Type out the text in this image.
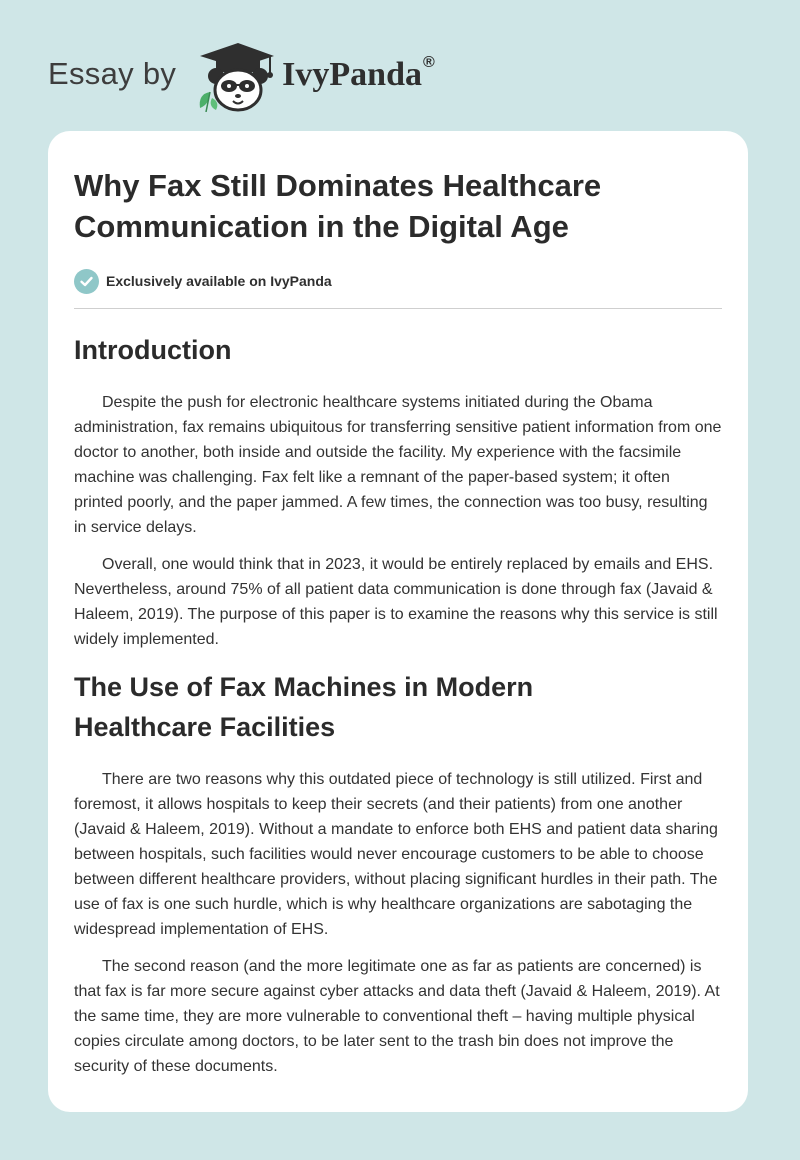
Essay by	IvyPanda®
Why Fax Still Dominates Healthcare Communication in the Digital Age
Exclusively available on IvyPanda
Introduction

Despite the push for electronic healthcare systems initiated during the Obama administration, fax remains ubiquitous for transferring sensitive patient information from one doctor to another, both inside and outside the facility. My experience with the facsimile machine was challenging. Fax felt like a remnant of the paper-based system; it often printed poorly, and the paper jammed. A few times, the connection was too busy, resulting in service delays.

Overall, one would think that in 2023, it would be entirely replaced by emails and EHS. Nevertheless, around 75% of all patient data communication is done through fax (Javaid & Haleem, 2019). The purpose of this paper is to examine the reasons why this service is still widely implemented.

The Use of Fax Machines in Modern Healthcare Facilities

There are two reasons why this outdated piece of technology is still utilized. First and foremost, it allows hospitals to keep their secrets (and their patients) from one another (Javaid & Haleem, 2019). Without a mandate to enforce both EHS and patient data sharing between hospitals, such facilities would never encourage customers to be able to choose between different healthcare providers, without placing significant hurdles in their path. The use of fax is one such hurdle, which is why healthcare organizations are sabotaging the widespread implementation of EHS.

The second reason (and the more legitimate one as far as patients are concerned) is that fax is far more secure against cyber attacks and data theft (Javaid & Haleem, 2019). At the same time, they are more vulnerable to conventional theft – having multiple physical copies circulate among doctors, to be later sent to the trash bin does not improve the security of these documents.
